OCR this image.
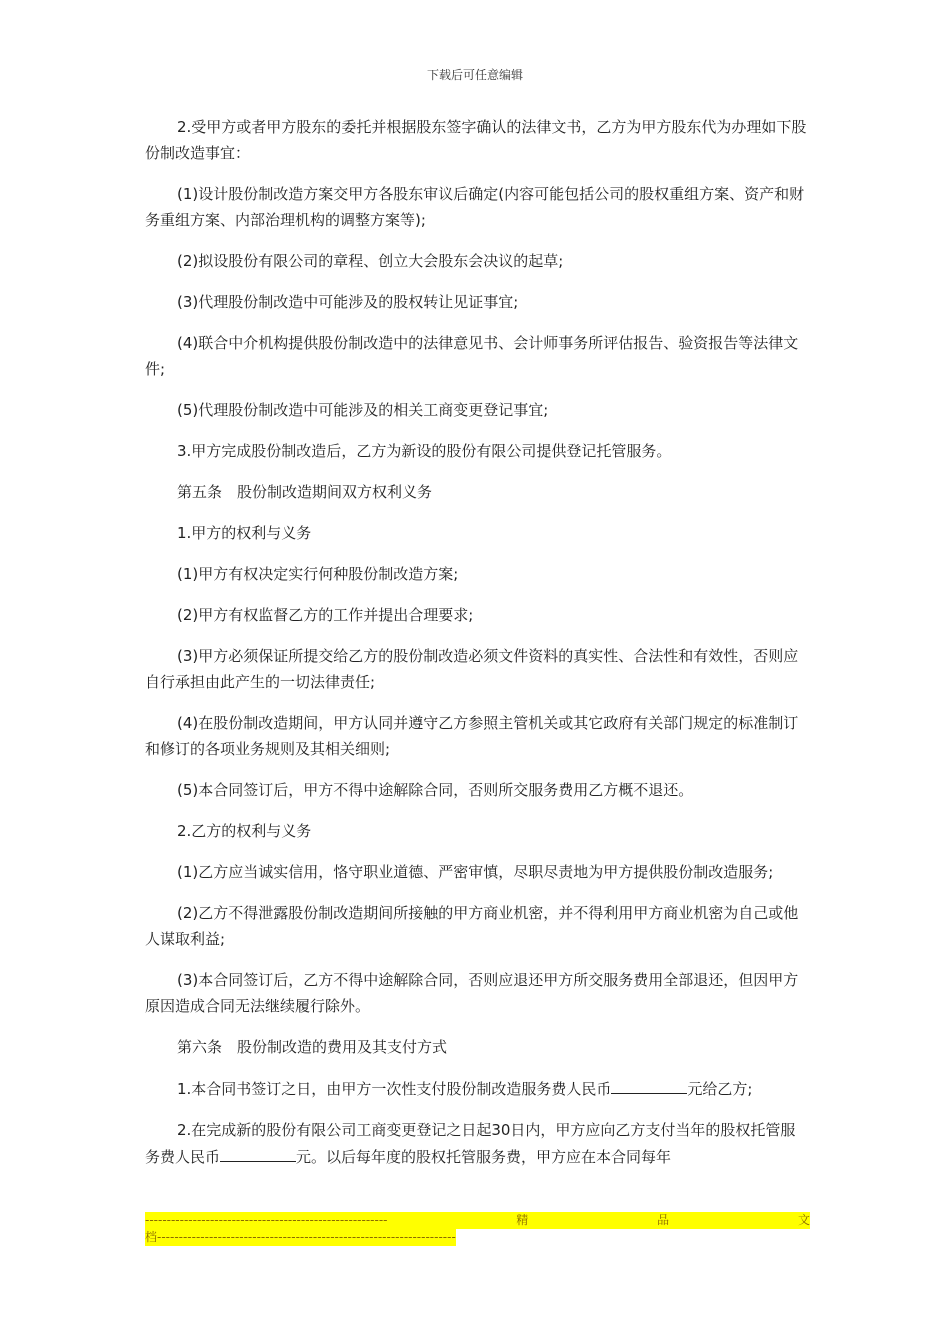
下载后可任意编辑

2.受甲方或者甲方股东的委托并根据股东签字确认的法律文书，乙方为甲方股东代为办理如下股份制改造事宜：

(1)设计股份制改造方案交甲方各股东审议后确定(内容可能包括公司的股权重组方案、资产和财务重组方案、内部治理机构的调整方案等);

(2)拟设股份有限公司的章程、创立大会股东会决议的起草;

(3)代理股份制改造中可能涉及的股权转让见证事宜;

(4)联合中介机构提供股份制改造中的法律意见书、会计师事务所评估报告、验资报告等法律文件;

(5)代理股份制改造中可能涉及的相关工商变更登记事宜;

3.甲方完成股份制改造后，乙方为新设的股份有限公司提供登记托管服务。

第五条　股份制改造期间双方权利义务

1.甲方的权利与义务

(1)甲方有权决定实行何种股份制改造方案;

(2)甲方有权监督乙方的工作并提出合理要求;

(3)甲方必须保证所提交给乙方的股份制改造必须文件资料的真实性、合法性和有效性，否则应自行承担由此产生的一切法律责任;

(4)在股份制改造期间，甲方认同并遵守乙方参照主管机关或其它政府有关部门规定的标准制订和修订的各项业务规则及其相关细则;

(5)本合同签订后，甲方不得中途解除合同，否则所交服务费用乙方概不退还。

2.乙方的权利与义务

(1)乙方应当诚实信用，恪守职业道德、严密审慎，尽职尽责地为甲方提供股份制改造服务;

(2)乙方不得泄露股份制改造期间所接触的甲方商业机密，并不得利用甲方商业机密为自己或他人谋取利益;

(3)本合同签订后，乙方不得中途解除合同，否则应退还甲方所交服务费用全部退还，但因甲方原因造成合同无法继续履行除外。

第六条　股份制改造的费用及其支付方式

1.本合同书签订之日，由甲方一次性支付股份制改造服务费人民币	元给乙方;

2.在完成新的股份有限公司工商变更登记之日起30日内，甲方应向乙方支付当年的股权托管服务费人民币	元。以后每年度的股权托管服务费，甲方应在本合同每年

--------------------------------------------------------	精	品	文
档---------------------------------------------------------------------
